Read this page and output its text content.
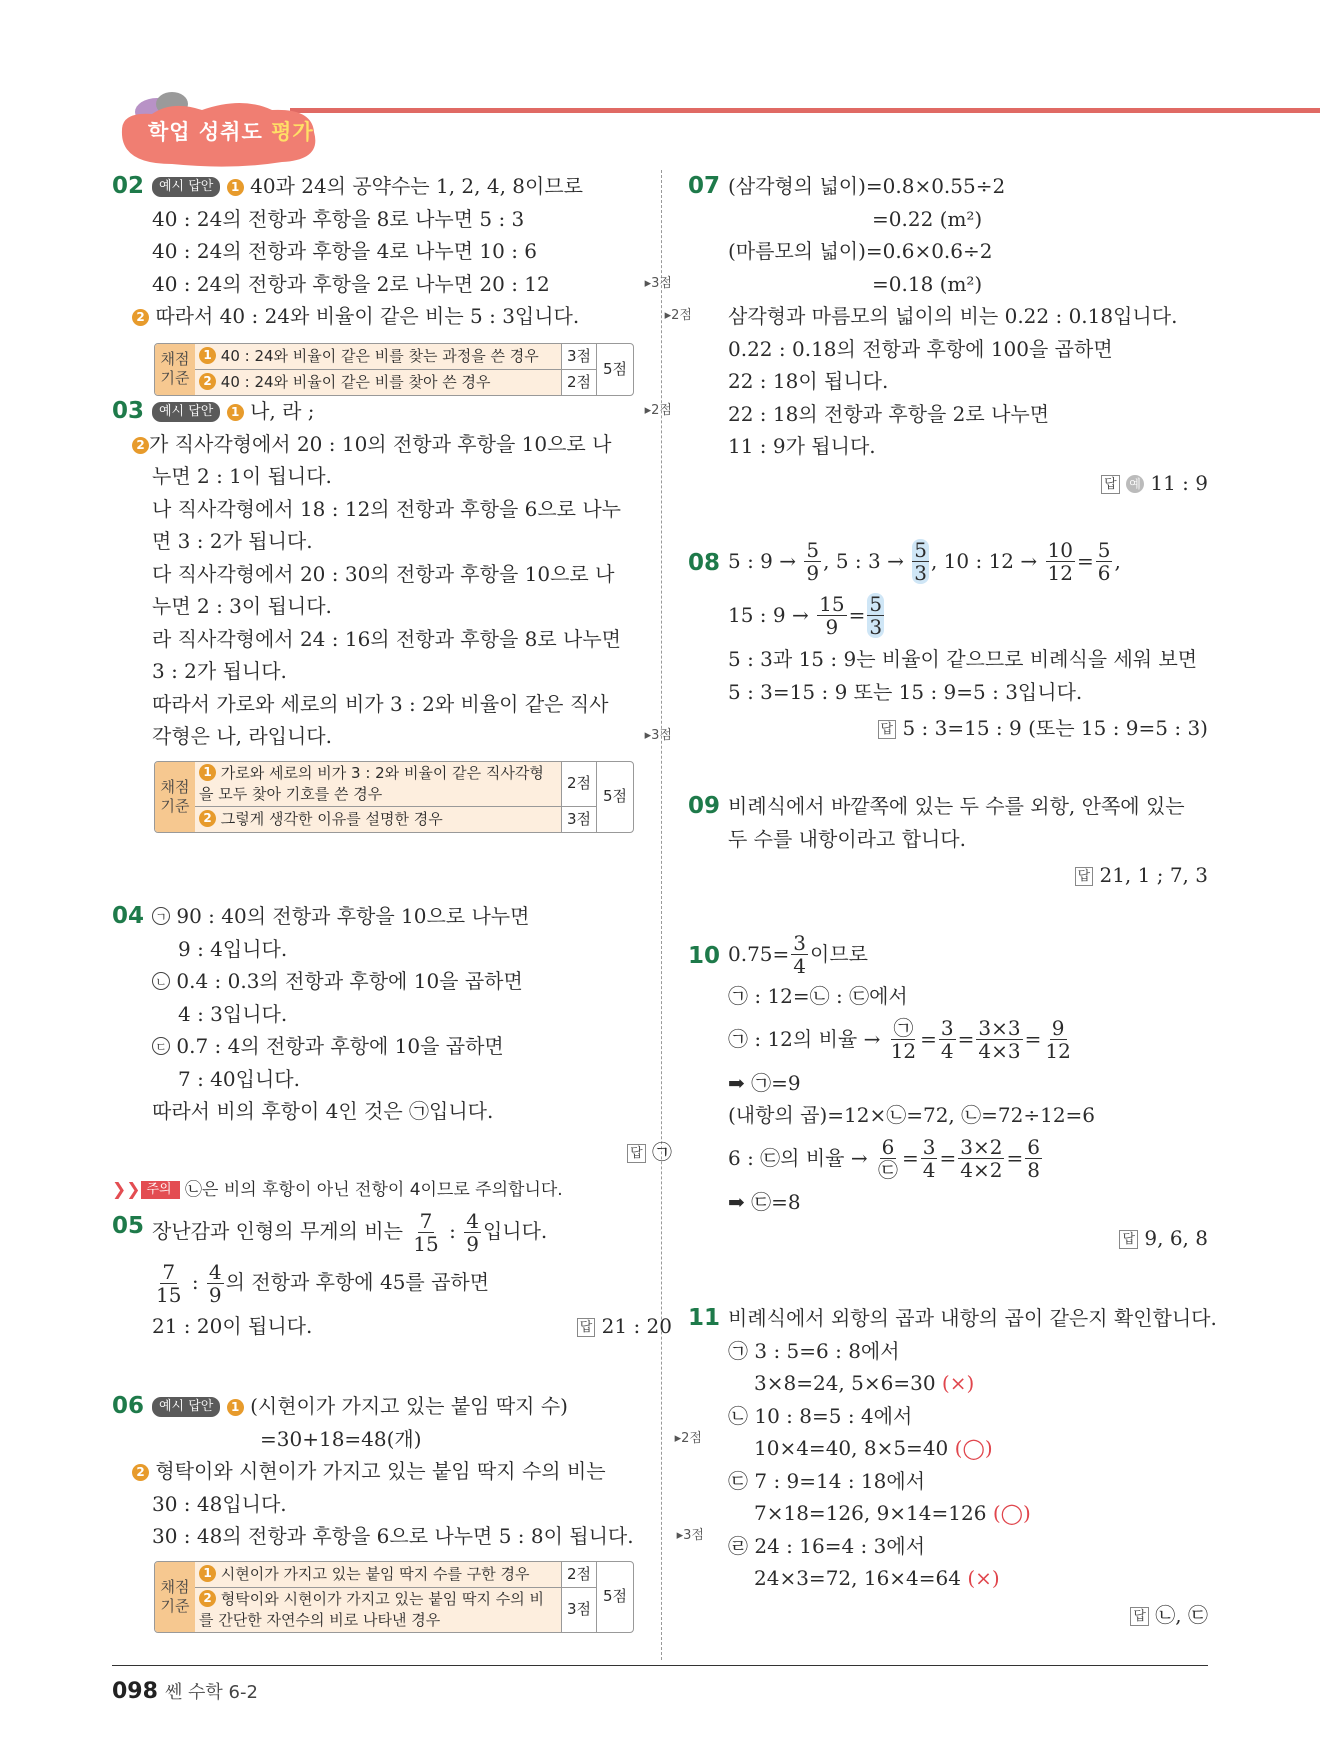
학업 성취도 평가
02	예시 답안 1 40과 24의 공약수는 1, 2, 4, 8이므로
40 : 24의 전항과 후항을 8로 나누면 5 : 3
40 : 24의 전항과 후항을 4로 나누면 10 : 6
40 : 24의 전항과 후항을 2로 나누면 20 : 12	▸3점
2 따라서 40 : 24와 비율이 같은 비는 5 : 3입니다.	▸2점
채점 기준
1 40 : 24와 비율이 같은 비를 찾는 과정을 쓴 경우	3점
2 40 : 24와 비율이 같은 비를 찾아 쓴 경우	2점
5점
03	예시 답안 1 나, 라 ;	▸2점
2 가 직사각형에서 20 : 10의 전항과 후항을 10으로 나
누면 2 : 1이 됩니다.
나 직사각형에서 18 : 12의 전항과 후항을 6으로 나누
면 3 : 2가 됩니다.
다 직사각형에서 20 : 30의 전항과 후항을 10으로 나
누면 2 : 3이 됩니다.
라 직사각형에서 24 : 16의 전항과 후항을 8로 나누면
3 : 2가 됩니다.
따라서 가로와 세로의 비가 3 : 2와 비율이 같은 직사
각형은 나, 라입니다.	▸3점
채점 기준
1 가로와 세로의 비가 3 : 2와 비율이 같은 직사각형을 모두 찾아 기호를 쓴 경우
2점
2 그렇게 생각한 이유를 설명한 경우	3점
5점
04 ㄱ 90 : 40의 전항과 후항을 10으로 나누면
9 : 4입니다.
ㄴ 0.4 : 0.3의 전항과 후항에 10을 곱하면
4 : 3입니다.
ㄷ 0.7 : 4의 전항과 후항에 10을 곱하면
7 : 40입니다.
따라서 비의 후항이 4인 것은 ㉠입니다.
답 ㉠
❯❯ 주의 ㉡은 비의 후항이 아닌 전항이 4이므로 주의합니다.
05 장난감과 인형의 무게의 비는 $\frac{7}{15}$ : $\frac{4}{9}$ 입니다.
$\frac{7}{15}$ : $\frac{4}{9}$ 의 전항과 후항에 45를 곱하면
21 : 20이 됩니다.	답 21 : 20
06	예시 답안 1 (시현이가 가지고 있는 붙임 딱지 수)
=30+18=48(개)	▸2점
2 형탁이와 시현이가 가지고 있는 붙임 딱지 수의 비는
30 : 48입니다.
30 : 48의 전항과 후항을 6으로 나누면 5 : 8이 됩니다.	▸3점
채점 기준
1 시현이가 가지고 있는 붙임 딱지 수를 구한 경우	2점
2 형탁이와 시현이가 가지고 있는 붙임 딱지 수의 비를 간단한 자연수의 비로 나타낸 경우
3점
5점
07 (삼각형의 넓이)=0.8×0.55÷2
=0.22 (m²)
(마름모의 넓이)=0.6×0.6÷2
=0.18 (m²)
삼각형과 마름모의 넓이의 비는 0.22 : 0.18입니다.
0.22 : 0.18의 전항과 후항에 100을 곱하면
22 : 18이 됩니다.
22 : 18의 전항과 후항을 2로 나누면
11 : 9가 됩니다.
답 예 11 : 9
08 5 : 9 →
$\frac{5}{9}$ , 5 : 3 →
$\frac{5}{3}$ , 10 : 12 →
$\frac{10}{12} = \frac{5}{6}$ ,
15 : 9 →
$\frac{15}{9} = \frac{5}{3}$
5 : 3과 15 : 9는 비율이 같으므로 비례식을 세워 보면
5 : 3=15 : 9 또는 15 : 9=5 : 3입니다.
답 5 : 3=15 : 9 (또는 15 : 9=5 : 3)
09 비례식에서 바깥쪽에 있는 두 수를 외항, 안쪽에 있는
두 수를 내항이라고 합니다.
답 21, 1 ; 7, 3
10 $0.75= \frac{3}{4}$ 이므로
㉠ : 12=㉡ : ㉢에서
㉠ : 12의 비율 →
$\frac{㉠}{12} = \frac{3}{4} = \frac{3\times 3}{4\times 3} = \frac{9}{12}$
➡ ㉠=9
(내항의 곱)=12×㉡=72, ㉡=72÷12=6
6 : ㉢의 비율 →
$\frac{6}{㉢} = \frac{3}{4} = \frac{3\times 2}{4\times 2} = \frac{6}{8}$
➡ ㉢=8
답 9, 6, 8
11 비례식에서 외항의 곱과 내항의 곱이 같은지 확인합니다.
㉠ 3 : 5=6 : 8에서
3×8=24, 5×6=30 (×)
㉡ 10 : 8=5 : 4에서
10×4=40, 8×5=40 (◯)
㉢ 7 : 9=14 : 18에서
7×18=126, 9×14=126 (◯)
㉣ 24 : 16=4 : 3에서
24×3=72, 16×4=64 (×)
답 ㉡, ㉢
098 쎈 수학 6-2
